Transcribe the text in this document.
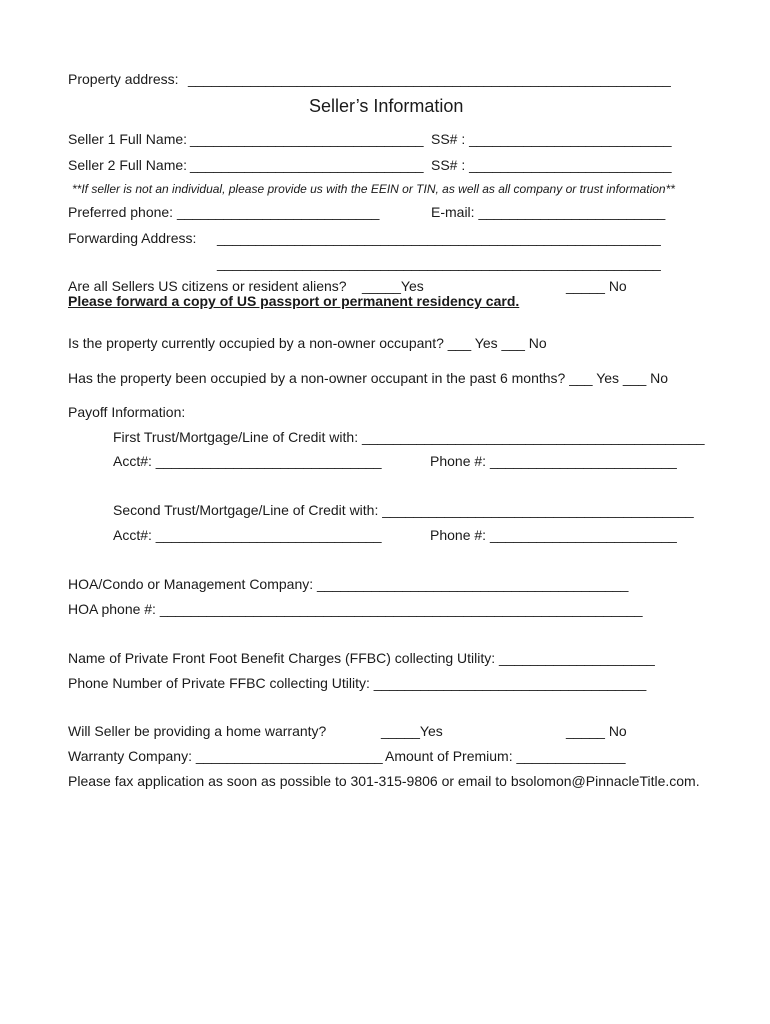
Property address: ______________________________________________________________
Seller’s Information
Seller 1 Full Name: ______________________________ SS# : __________________________
Seller 2 Full Name: ______________________________ SS# : __________________________
**If seller is not an individual, please provide us with the EEIN or TIN, as well as all company or trust information**
Preferred phone: __________________________	E-mail: ________________________
Forwarding Address: _________________________________________________________
_________________________________________________________
Are all Sellers US citizens or resident aliens? _____Yes	_____ No
Please forward a copy of US passport or permanent residency card.
Is the property currently occupied by a non-owner occupant? ___ Yes ___ No
Has the property been occupied by a non-owner occupant in the past 6 months? ___ Yes ___ No
Payoff Information:
First Trust/Mortgage/Line of Credit with: ____________________________________________
Acct#: _____________________________	Phone #: ________________________
Second Trust/Mortgage/Line of Credit with: ________________________________________
Acct#: _____________________________	Phone #: ________________________
HOA/Condo or Management Company: ________________________________________
HOA phone #: ______________________________________________________________
Name of Private Front Foot Benefit Charges (FFBC) collecting Utility: ____________________
Phone Number of Private FFBC collecting Utility: ___________________________________
Will Seller be providing a home warranty?	_____Yes	_____ No
Warranty Company: ________________________ Amount of Premium: ______________
Please fax application as soon as possible to 301-315-9806 or email to bsolomon@PinnacleTitle.com.
